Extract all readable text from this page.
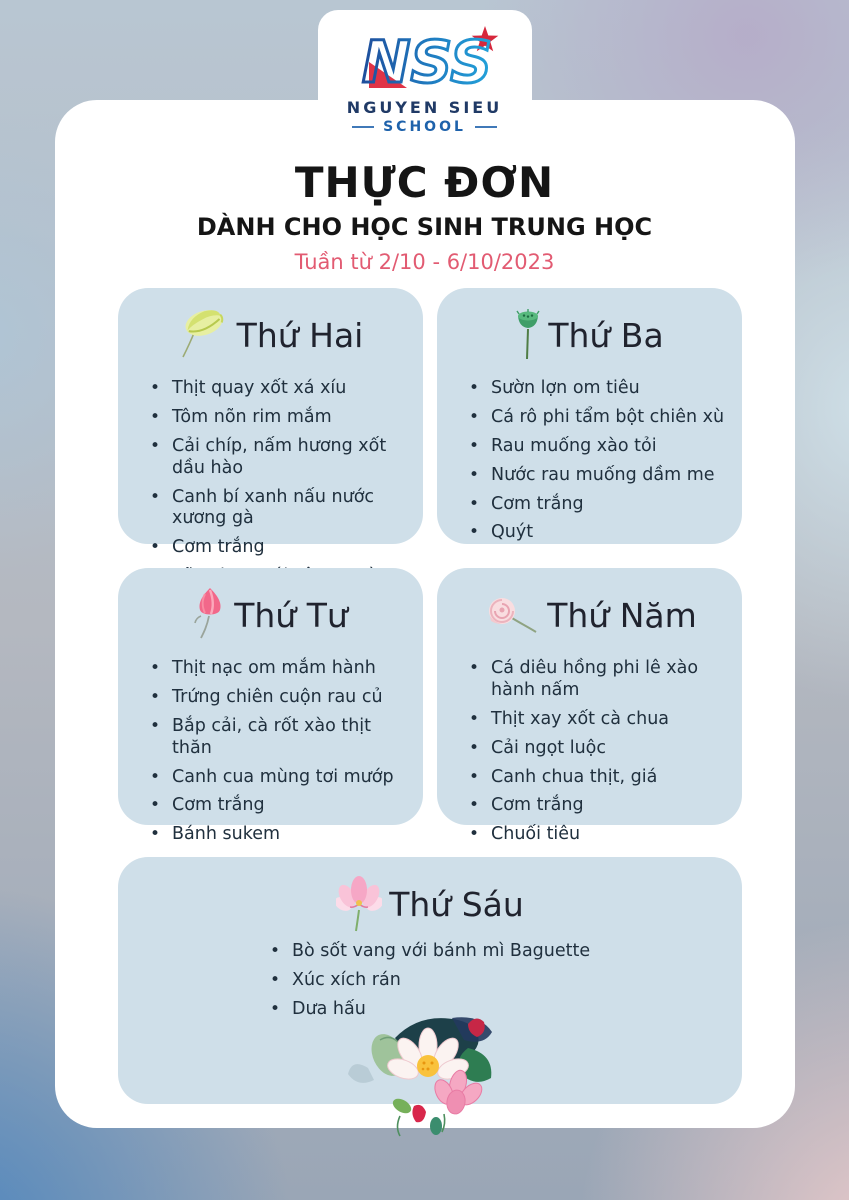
NSS
NGUYEN SIEU
SCHOOL
THỰC ĐƠN
DÀNH CHO HỌC SINH TRUNG HỌC
Tuần từ 2/10 - 6/10/2023
Thứ Hai
• Thịt quay xốt xá xíu
• Tôm nõn rim mắm
• Cải chíp, nấm hương xốt dầu hào
• Canh bí xanh nấu nước xương gà
• Cơm trắng
Thứ Ba
• Sườn lợn om tiêu
• Cá rô phi tẩm bột chiên xù
• Rau muống xào tỏi
• Nước rau muống dầm me
• Cơm trắng
• Quýt
Thứ Tư
• Thịt nạc om mắm hành
• Trứng chiên cuộn rau củ
• Bắp cải, cà rốt xào thịt thăn
• Canh cua mùng tơi mướp
• Cơm trắng
• Bánh sukem
Thứ Năm
• Cá diêu hồng phi lê xào hành nấm
• Thịt xay xốt cà chua
• Cải ngọt luộc
• Canh chua thịt, giá
• Cơm trắng
• Chuối tiêu
Thứ Sáu
• Bò sốt vang với bánh mì Baguette
• Xúc xích rán
• Dưa hấu
